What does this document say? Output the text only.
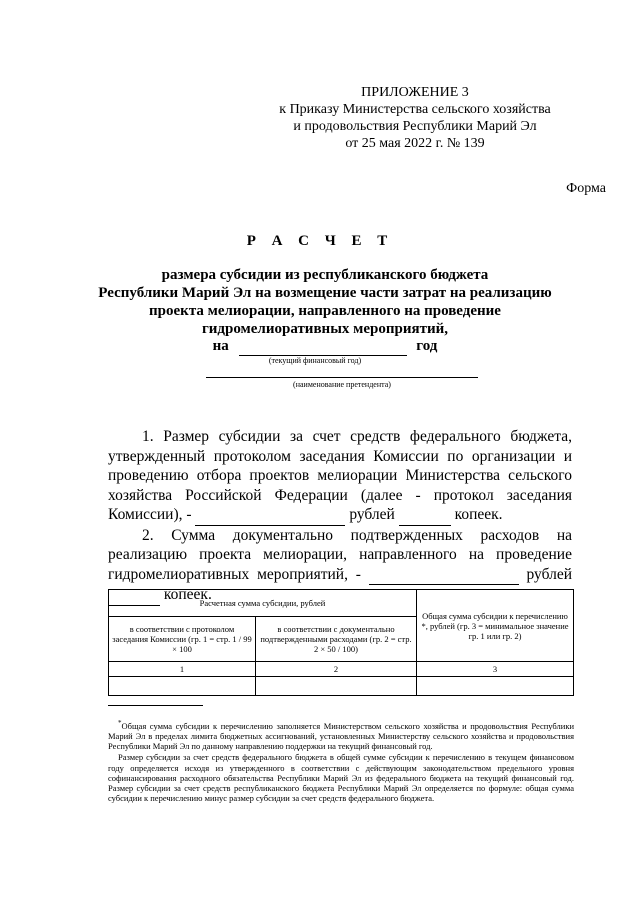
ПРИЛОЖЕНИЕ 3
к Приказу Министерства сельского хозяйства
и продовольствия Республики Марий Эл
от 25 мая 2022 г. № 139
Форма
Р А С Ч Е Т
размера субсидии из республиканского бюджета
Республики Марий Эл на возмещение части затрат на реализацию
проекта мелиорации, направленного на проведение
гидромелиоративных мероприятий,
на	год
(текущий финансовый год)
(наименование претендента)

1. Размер субсидии за счет средств федерального бюджета, утвержденный протоколом заседания Комиссии по организации и проведению отбора проектов мелиорации Министерства сельского хозяйства Российской Федерации (далее - протокол заседания Комиссии), -	рублей	копеек.

2. Сумма документально подтвержденных расходов на реализацию проекта мелиорации, направленного на проведение гидромелиоративных мероприятий, -	рублей   копеек.

Расчетная сумма субсидии, рублей		Общая сумма субсидии к перечислению *, рублей (гр. 3 = минимальное значение гр. 1 или гр. 2)
в соответствии с протоколом заседания Комиссии (гр. 1 = стр. 1 / 99 × 100	в соответствии с документально подтвержденными расходами (гр. 2 = стр. 2 × 50 / 100)	
1	2	3

*Общая сумма субсидии к перечислению заполняется Министерством сельского хозяйства и продовольствия Республики Марий Эл в пределах лимита бюджетных ассигнований, установленных Министерству сельского хозяйства и продовольствия Республики Марий Эл по данному направлению поддержки на текущий финансовый год.

Размер субсидии за счет средств федерального бюджета в общей сумме субсидии к перечислению в текущем финансовом году определяется исходя из утвержденного в соответствии с действующим законодательством предельного уровня софинансирования расходного обязательства Республики Марий Эл из федерального бюджета на текущий финансовый год. Размер субсидии за счет средств республиканского бюджета Республики Марий Эл определяется по формуле: общая сумма субсидии к перечислению минус размер субсидии за счет средств федерального бюджета.
